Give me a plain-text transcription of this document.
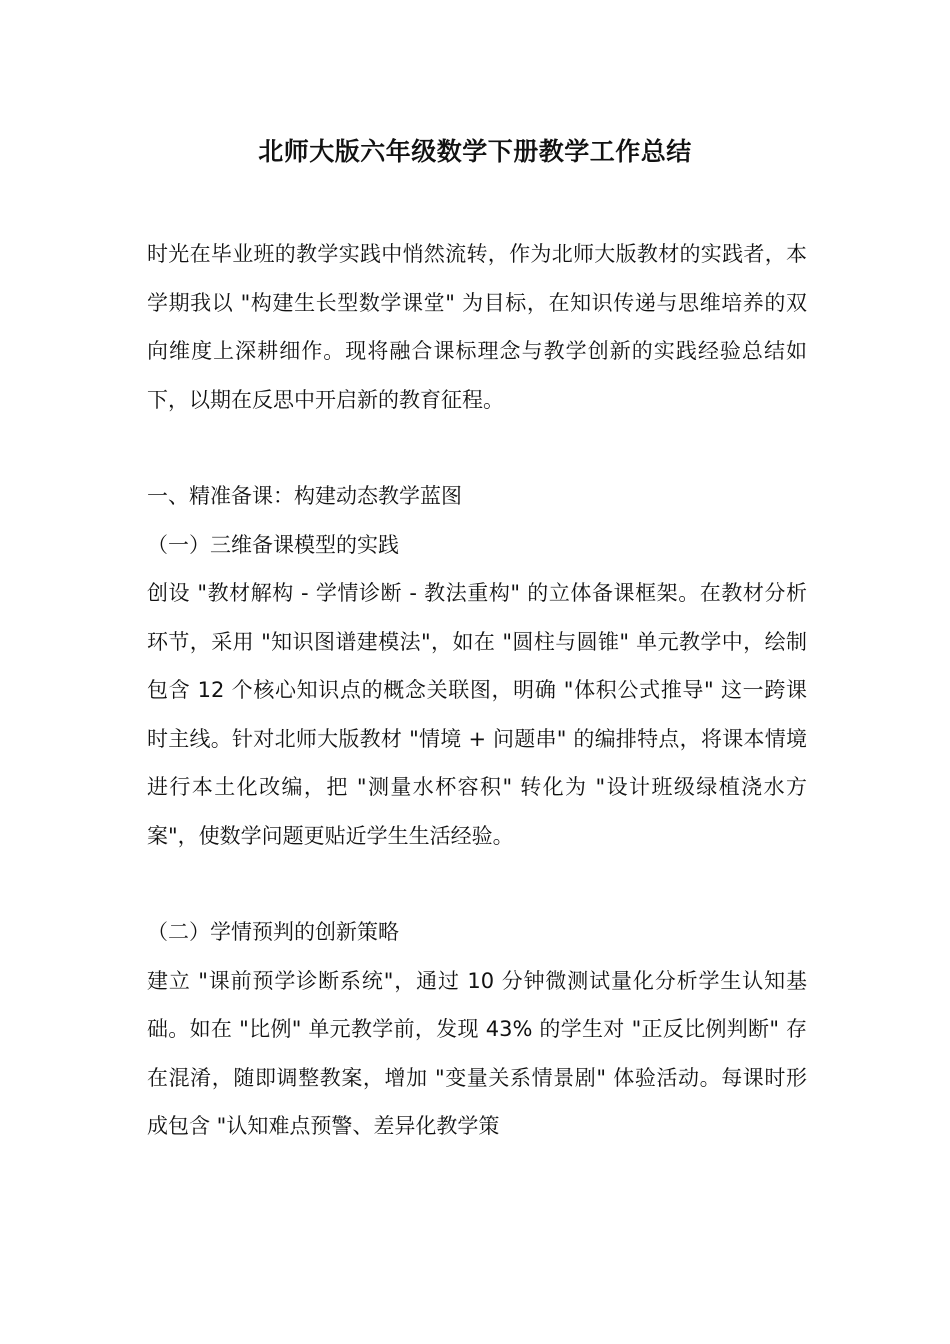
北师大版六年级数学下册教学工作总结

时光在毕业班的教学实践中悄然流转，作为北师大版教材的实践者，本学期我以 "构建生长型数学课堂" 为目标，在知识传递与思维培养的双向维度上深耕细作。现将融合课标理念与教学创新的实践经验总结如下，以期在反思中开启新的教育征程。

一、精准备课：构建动态教学蓝图

（一）三维备课模型的实践

创设 "教材解构 - 学情诊断 - 教法重构" 的立体备课框架。在教材分析环节，采用 "知识图谱建模法"，如在 "圆柱与圆锥" 单元教学中，绘制包含 12 个核心知识点的概念关联图，明确 "体积公式推导" 这一跨课时主线。针对北师大版教材 "情境 + 问题串" 的编排特点，将课本情境进行本土化改编，把 "测量水杯容积" 转化为 "设计班级绿植浇水方案"，使数学问题更贴近学生生活经验。

（二）学情预判的创新策略

建立 "课前预学诊断系统"，通过 10 分钟微测试量化分析学生认知基础。如在 "比例" 单元教学前，发现 43% 的学生对 "正反比例判断" 存在混淆，随即调整教案，增加 "变量关系情景剧" 体验活动。每课时形成包含 "认知难点预警、差异化教学策
